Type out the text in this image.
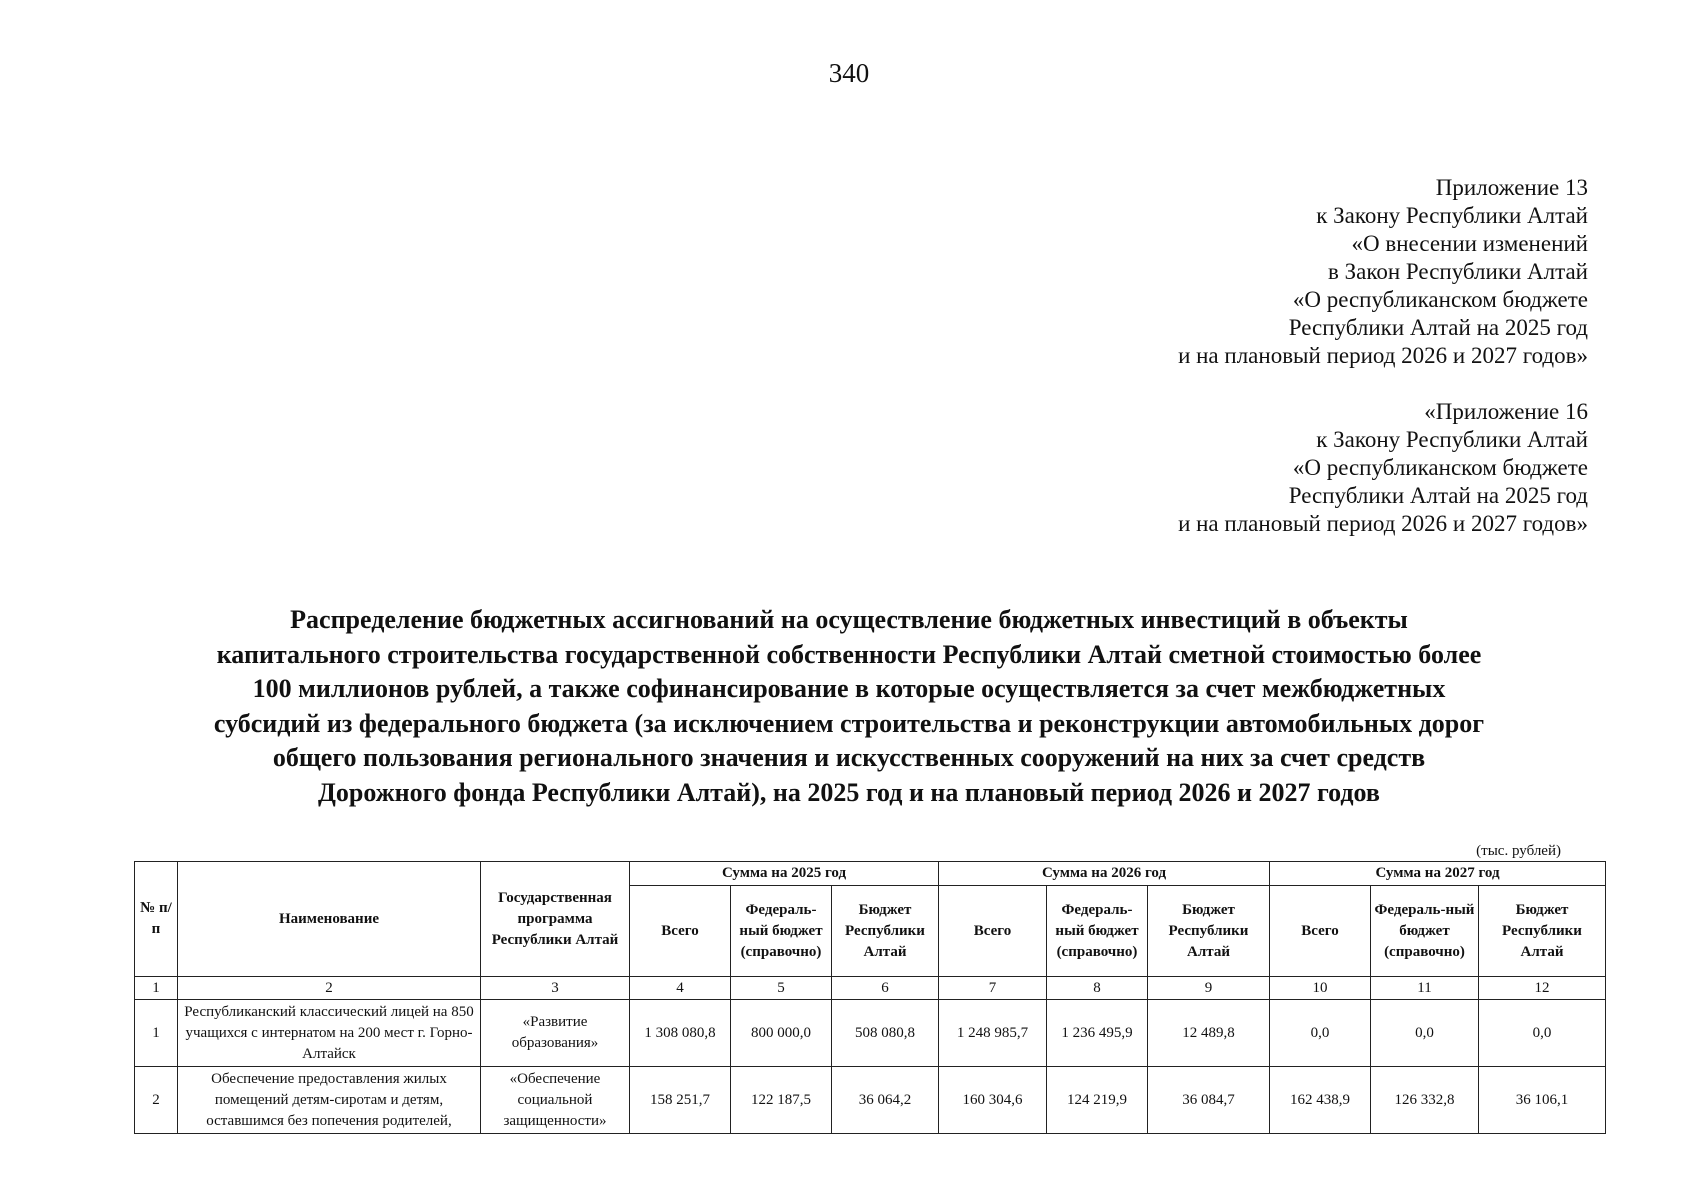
340
Приложение 13
к Закону Республики Алтай
«О внесении изменений
в Закон Республики Алтай
«О республиканском бюджете
Республики Алтай на 2025 год
и на плановый период 2026 и 2027 годов»
«Приложение 16
к Закону Республики Алтай
«О республиканском бюджете
Республики Алтай на 2025 год
и на плановый период 2026 и 2027 годов»
Распределение бюджетных ассигнований на осуществление бюджетных инвестиций в объекты
капитального строительства государственной собственности Республики Алтай сметной стоимостью более
100 миллионов рублей, а также софинансирование в которые осуществляется за счет межбюджетных
субсидий из федерального бюджета (за исключением строительства и реконструкции автомобильных дорог
общего пользования регионального значения и искусственных сооружений на них за счет средств
Дорожного фонда Республики Алтай), на 2025 год и на плановый период 2026 и 2027 годов
(тыс. рублей)
№ п/п	Наименование	Государственная программа Республики Алтай	Сумма на 2025 год			Сумма на 2026 год			Сумма на 2027 год		
			Всего	Федераль-ный бюджет (справочно)	Бюджет Республики Алтай	Всего	Федераль-ный бюджет (справочно)	Бюджет Республики Алтай	Всего	Федераль-ный бюджет (справочно)	Бюджет Республики Алтай
1	2	3	4	5	6	7	8	9	10	11	12
1	Республиканский классический лицей на 850 учащихся с интернатом на 200 мест г. Горно-Алтайск	«Развитие образования»	1 308 080,8	800 000,0	508 080,8	1 248 985,7	1 236 495,9	12 489,8	0,0	0,0	0,0
2	Обеспечение предоставления жилых помещений детям-сиротам и детям, оставшимся без попечения родителей,	«Обеспечение социальной защищенности»	158 251,7	122 187,5	36 064,2	160 304,6	124 219,9	36 084,7	162 438,9	126 332,8	36 106,1
